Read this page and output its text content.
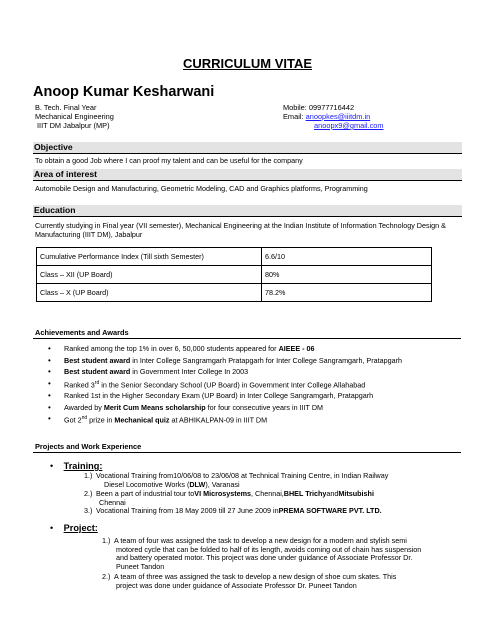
CURRICULUM VITAE
Anoop Kumar Kesharwani
B. Tech. Final Year
Mechanical Engineering
IIIT DM Jabalpur (MP)
Mobile: 09977716442
Email: anoopkes@iiitdm.in
anoopx9@gmail.com
Objective
To obtain a good Job where I can proof my talent and can be useful for the company
Area of interest
Automobile Design and Manufacturing, Geometric Modeling, CAD and Graphics platforms, Programming
Education
Currently studying in Final year (VII semester), Mechanical Engineering at the Indian Institute of Information Technology Design & Manufacturing (IIIT DM), Jabalpur
Cumulative Performance Index (Till sixth Semester)	6.6/10
Class – XII (UP Board)	80%
Class – X (UP Board)	78.2%
Achievements and Awards
• Ranked among the top 1% in over 6, 50,000 students appeared for AIEEE - 06
• Best student award in Inter College Sangramgarh Pratapgarh for Inter College Sangramgarh, Pratapgarh
• Best student award in Government Inter College In 2003
• Ranked 3rd in the Senior Secondary School (UP Board) in Government Inter College Allahabad
• Ranked 1st in the Higher Secondary Exam (UP Board) in Inter College Sangramgarh, Pratapgarh
• Awarded by Merit Cum Means scholarship for four consecutive years in IIIT DM
• Got 2nd prize in Mechanical quiz at ABHIKALPAN-09 in IIIT DM
Projects and Work Experience
• Training:
1.) Vocational Training from10/06/08 to 23/06/08 at Technical Training Centre, in Indian Railway
Diesel Locomotive Works ( DLW ), Varanasi
2.) Been a part of industrial tour to VI Microsystems , Chennai, BHEL Trichy and Mitsubishi
Chennai
3.) Vocational Training from 18 May 2009 till 27 June 2009 in PREMA SOFTWARE PVT. LTD.
• Project:
1.) A team of four was assigned the task to develop a new design for a modern and stylish semi
motored cycle that can be folded to half of its length, avoids coming out of chain has suspension
and battery operated motor. This project was done under guidance of Associate Professor Dr.
Puneet Tandon
2.) A team of three was assigned the task to develop a new design of shoe cum skates. This
project was done under guidance of Associate Professor Dr. Puneet Tandon
